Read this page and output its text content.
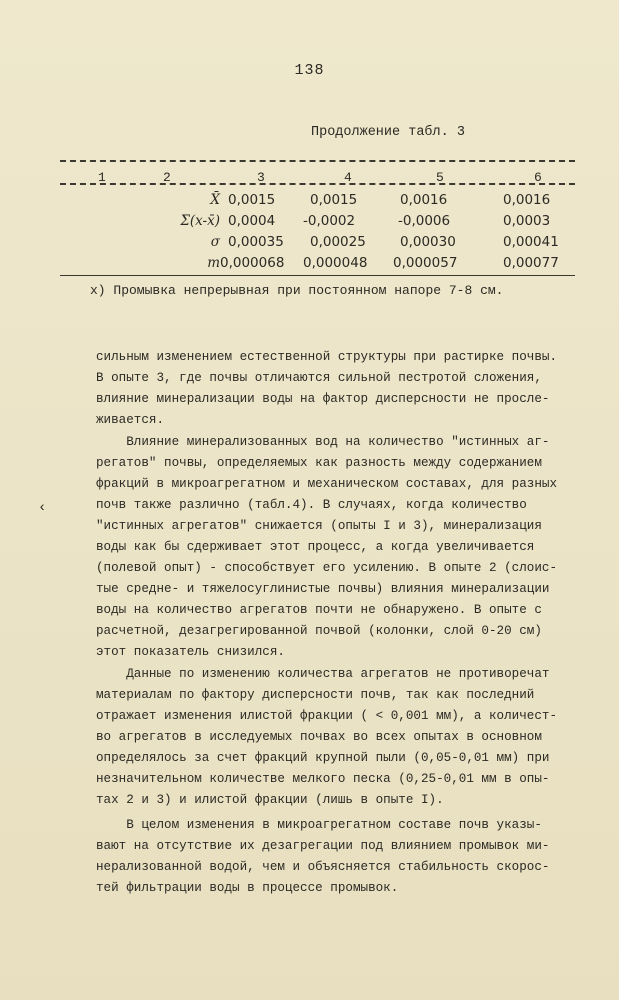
138
Продолжение табл. 3
1	2	3	4	5	6
X̄ 0,0015	0,0015	0,0016	0,0016
Σ(x-x̄) 0,0004 -0,0002	-0,0006	0,0003
σ 0,00035 0,00025	0,00030	0,00041
m 0,000068 0,000048 0,000057	0,00077
x) Промывка непрерывная при постоянном напоре 7-8 см.
‹
сильным изменением естественной структуры при растирке почвы.
В опыте 3, где почвы отличаются сильной пестротой сложения,
влияние минерализации воды на фактор дисперсности не просле-
живается.
Влияние минерализованных вод на количество "истинных аг-
регатов" почвы, определяемых как разность между содержанием
фракций в микроагрегатном и механическом составах, для разных
почв также различно (табл.4). В случаях, когда количество
"истинных агрегатов" снижается (опыты I и 3), минерализация
воды как бы сдерживает этот процесс, а когда увеличивается
(полевой опыт) - способствует его усилению. В опыте 2 (слоис-
тые средне- и тяжелосуглинистые почвы) влияния минерализации
воды на количество агрегатов почти не обнаружено. В опыте с
расчетной, дезагрегированной почвой (колонки, слой 0-20 см)
этот показатель снизился.
Данные по изменению количества агрегатов не противоречат
материалам по фактору дисперсности почв, так как последний
отражает изменения илистой фракции ( < 0,001 мм), а количест-
во агрегатов в исследуемых почвах во всех опытах в основном
определялось за счет фракций крупной пыли (0,05-0,01 мм) при
незначительном количестве мелкого песка (0,25-0,01 мм в опы-
тах 2 и 3) и илистой фракции (лишь в опыте I).
В целом изменения в микроагрегатном составе почв указы-
вают на отсутствие их дезагрегации под влиянием промывок ми-
нерализованной водой, чем и объясняется стабильность скорос-
тей фильтрации воды в процессе промывок.
